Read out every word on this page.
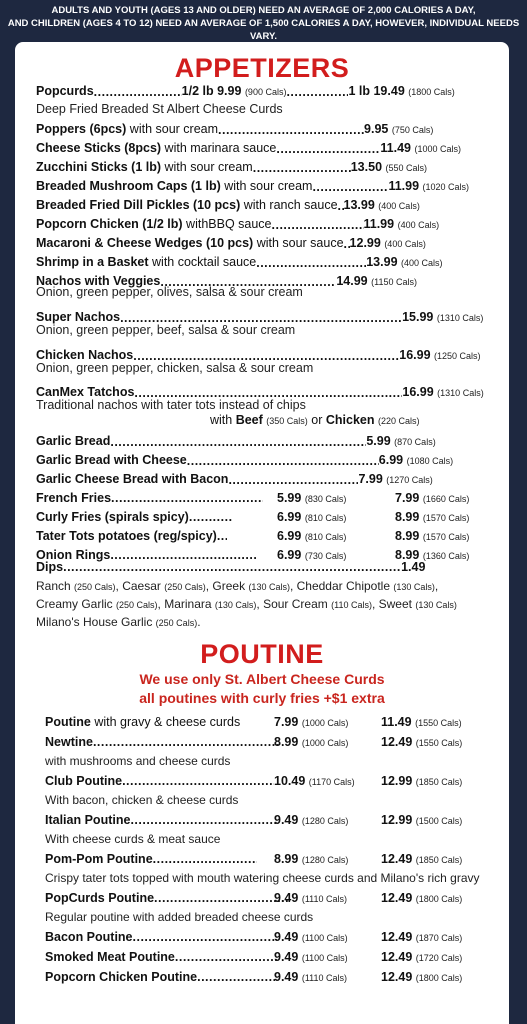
ADULTS AND YOUTH (AGES 13 AND OLDER) NEED AN AVERAGE OF 2,000 CALORIES A DAY,
AND CHILDREN (AGES 4 TO 12) NEED AN AVERAGE OF 1,500 CALORIES A DAY, HOWEVER, INDIVIDUAL NEEDS VARY.
APPETIZERS
Popcurds .....	1/2 lb 9.99 (900 Cals) .....	1 lb 19.49 (1800 Cals)
Deep Fried Breaded St Albert Cheese Curds
Poppers (6pcs) with sour cream .....	9.95 (750 Cals)
Cheese Sticks (8pcs) with marinara sauce .....	11.49 (1000 Cals)
Zucchini Sticks (1 lb) with sour cream .....	13.50 (550 Cals)
Breaded Mushroom Caps (1 lb) with sour cream .....	11.99 (1020 Cals)
Breaded Fried Dill Pickles (10 pcs) with ranch sauce ..... 13.99 (400 Cals)
Popcorn Chicken (1/2 lb) withBBQ sauce .....	11.99 (400 Cals)
Macaroni & Cheese Wedges (10 pcs) with sour sauce ..... 12.99 (400 Cals)
Shrimp in a Basket with cocktail sauce .....	13.99 (400 Cals)
Nachos with Veggies .....	14.99 (1150 Cals)
Super Nachos .....	15.99 (1310 Cals)
Chicken Nachos .....	16.99 (1250 Cals)
CanMex Tatchos .....	16.99 (1310 Cals)
Onion, green pepper, olives, salsa & sour cream
Onion, green pepper, beef, salsa & sour cream
Onion, green pepper, chicken, salsa & sour cream
Traditional nachos with tater tots instead of chips
with Beef (350 Cals) or Chicken (220 Cals)
Garlic Bread .....	5.99 (870 Cals)
Garlic Bread with Cheese .....	6.99 (1080 Cals)
Garlic Cheese Bread with Bacon .....	7.99 (1270 Cals)
French Fries .....	5.99 (830 Cals)	7.99 (1660 Cals)
Curly Fries (spirals spicy) .....	6.99 (810 Cals)	8.99 (1570 Cals)
Tater Tots potatoes (reg/spicy) .....	6.99 (810 Cals)	8.99 (1570 Cals)
Onion Rings .....	6.99 (730 Cals)	8.99 (1360 Cals)
Dips .....	1.49
Ranch (250 Cals), Caesar (250 Cals), Greek (130 Cals), Cheddar Chipotle (130 Cals),
Creamy Garlic (250 Cals), Marinara (130 Cals), Sour Cream (110 Cals), Sweet (130 Cals)
Milano's House Garlic (250 Cals).
POUTINE
We use only St. Albert Cheese Curds
all poutines with curly fries +$1 extra
Poutine with gravy & cheese curds	7.99 (1000 Cals)	11.49 (1550 Cals)
Newtine .....	8.99 (1000 Cals)	12.49 (1550 Cals)
with mushrooms and cheese curds
Club Poutine .....	10.49 (1170 Cals) 12.99 (1850 Cals)
With bacon, chicken & cheese curds
Italian Poutine .....	9.49 (1280 Cals)	12.99 (1500 Cals)
With cheese curds & meat sauce
Pom-Pom Poutine .....	8.99 (1280 Cals)	12.49 (1850 Cals)
Crispy tater tots topped with mouth watering cheese curds and Milano's rich gravy
PopCurds Poutine .....	9.49 (1110 Cals)	12.49 (1800 Cals)
Regular poutine with added breaded cheese curds
Bacon Poutine .....	9.49 (1100 Cals)	12.49 (1870 Cals)
Smoked Meat Poutine .....	9.49 (1100 Cals)	12.49 (1720 Cals)
Popcorn Chicken Poutine .....	9.49 (1110 Cals)	12.49 (1800 Cals)
